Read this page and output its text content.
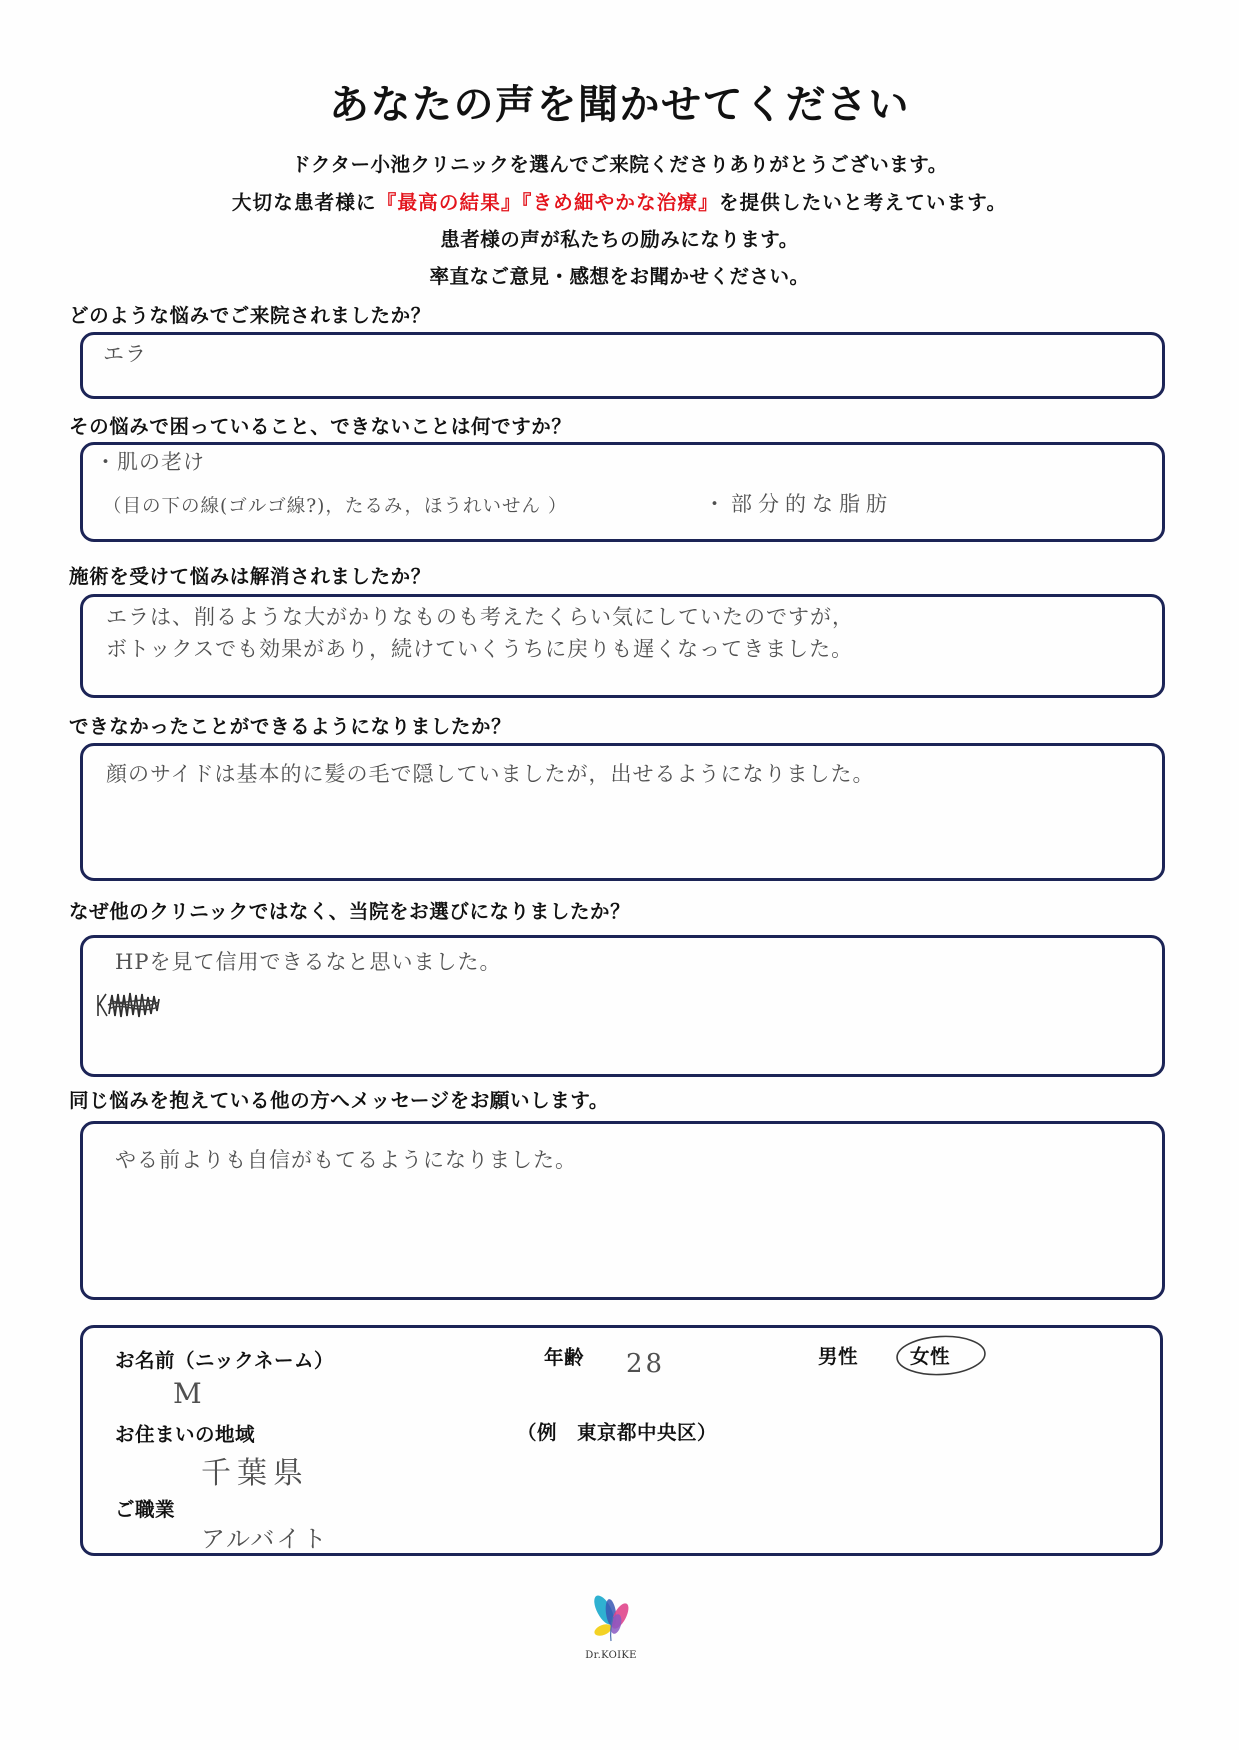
あなたの声を聞かせてください
ドクター小池クリニックを選んでご来院くださりありがとうございます。
大切な患者様に『最高の結果』『きめ細やかな治療』を提供したいと考えています。
患者様の声が私たちの励みになります。
率直なご意見・感想をお聞かせください。
どのような悩みでご来院されましたか？
エラ
その悩みで困っていること、できないことは何ですか？
・肌の老け
（目の下の線(ゴルゴ線?)，たるみ，ほうれいせん ）	・部分的な脂肪
施術を受けて悩みは解消されましたか？
エラは、削るような大がかりなものも考えたくらい気にしていたのですが，
ボトックスでも効果があり，続けていくうちに戻りも遅くなってきました。
できなかったことができるようになりましたか？
顔のサイドは基本的に髪の毛で隠していましたが，出せるようになりました。
なぜ他のクリニックではなく、当院をお選びになりましたか？
HPを見て信用できるなと思いました。
同じ悩みを抱えている他の方へメッセージをお願いします。
やる前よりも自信がもてるようになりました。
お名前（ニックネーム）
M
年齢 28	男性	女性
お住まいの地域	（例　東京都中央区）
千葉県
ご職業
アルバイト
Dr.KOIKE
